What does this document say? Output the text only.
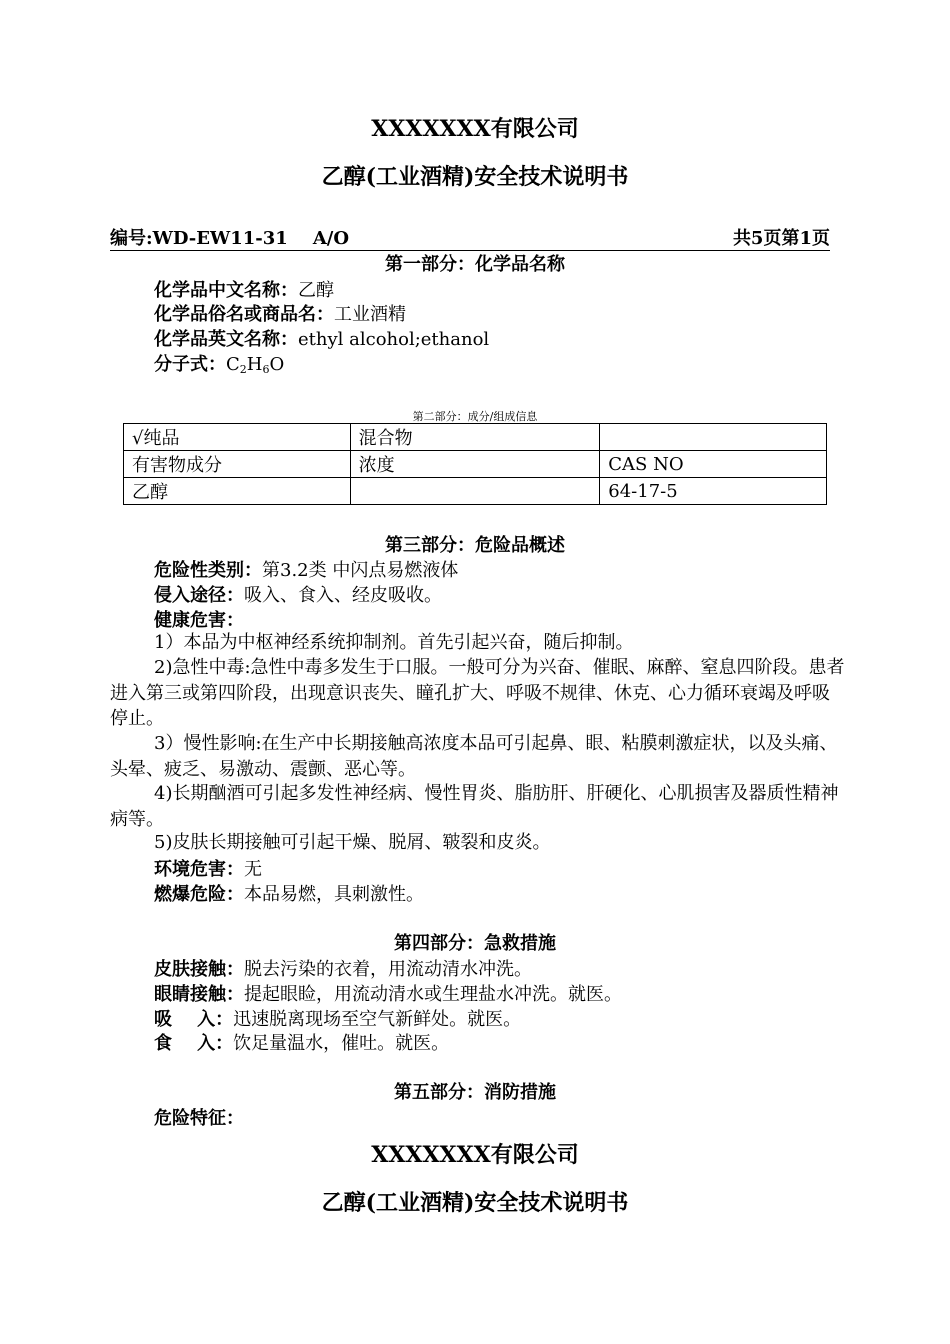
XXXXXXX有限公司
乙醇(工业酒精)安全技术说明书
编号:WD-EW11-31    A/O	共5页第1页
第一部分：化学品名称
化学品中文名称：乙醇
化学品俗名或商品名：工业酒精
化学品英文名称：ethyl alcohol;ethanol
分子式：$C_2H_6O$
第二部分：成分/组成信息
√纯品	混合物	
有害物成分	浓度	CAS NO
乙醇		64-17-5
第三部分：危险品概述
危险性类别：第3.2类 中闪点易燃液体
侵入途径：吸入、食入、经皮吸收。
健康危害：
1）本品为中枢神经系统抑制剂。首先引起兴奋，随后抑制。
2)急性中毒:急性中毒多发生于口服。一般可分为兴奋、催眠、麻醉、窒息四阶段。患者进入第三或第四阶段，出现意识丧失、瞳孔扩大、呼吸不规律、休克、心力循环衰竭及呼吸停止。
3）慢性影响:在生产中长期接触高浓度本品可引起鼻、眼、粘膜刺激症状，以及头痛、头晕、疲乏、易激动、震颤、恶心等。
4)长期酗酒可引起多发性神经病、慢性胃炎、脂肪肝、肝硬化、心肌损害及器质性精神病等。
5)皮肤长期接触可引起干燥、脱屑、皲裂和皮炎。
环境危害：无
燃爆危险：本品易燃，具刺激性。
第四部分：急救措施
皮肤接触：脱去污染的衣着，用流动清水冲洗。
眼睛接触：提起眼睑，用流动清水或生理盐水冲洗。就医。
吸    入：迅速脱离现场至空气新鲜处。就医。
食    入：饮足量温水，催吐。就医。
第五部分：消防措施
危险特征：
XXXXXXX有限公司
乙醇(工业酒精)安全技术说明书
